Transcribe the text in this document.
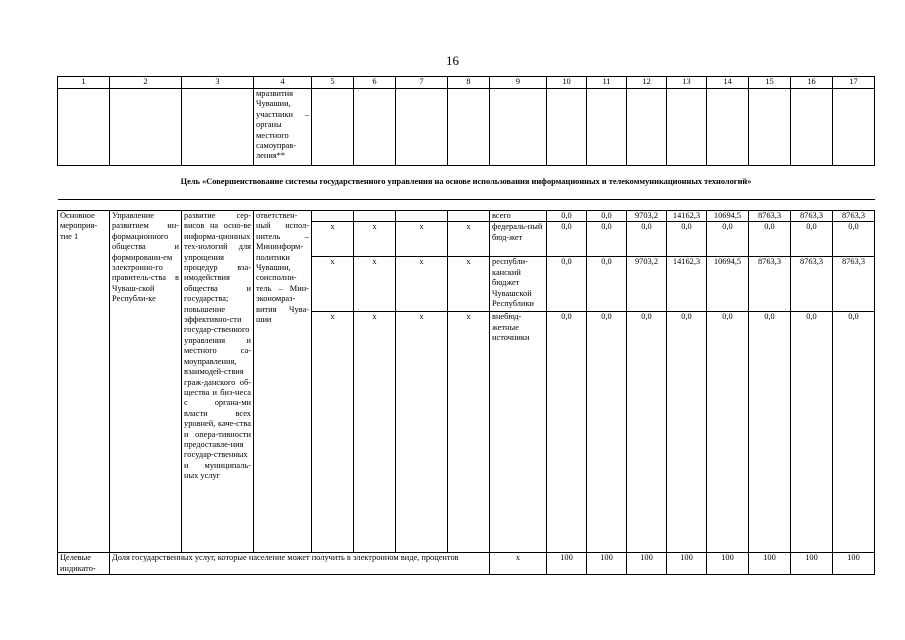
16
1	2	3	4	5	6	7	8	9	10	11	12	13	14	15	16	17
			мразвития Чувашии, участники – органы местного самоуправ-ления**													
Цель «Совершенствование системы государственного управления на основе использования информационных и телекоммуникационных технологий»																

Основное мероприя-тие 1	Управление развитием ин-формационного общества и формировани-ем электронно-го правитель-ства в Чуваш-ской Республи-ке	развитие сер-висов на осно-ве информа-ционных тех-нологий для упрощения процедур вза-имодействия общества и государства; повышение эффективно-сти государ-ственного управления и местного са-моуправления, взаимодей-ствия граж-данского об-щества и биз-неса с органа-ми власти всех уровней, каче-ства и опера-тивности предоставле-ния государ-ственных и муниципаль-ных услуг	ответствен-ный испол-нитель – Мининформ-политики Чувашии, соисполни-тель – Мин-экономраз-вития Чува-шии					всего	0,0	0,0	9703,2	14162,3	10694,5	8763,3	8763,3	8763,3
				x	x	x	x	федераль-ный бюд-жет	0,0	0,0	0,0	0,0	0,0	0,0	0,0	0,0
				x	x	x	x	республи-канский бюджет Чувашской Республики	0,0	0,0	9703,2	14162,3	10694,5	8763,3	8763,3	8763,3
				x	x	x	x	внебюд-жетные источники	0,0	0,0	0,0	0,0	0,0	0,0	0,0	0,0
Целевые индикато-	Доля государственных услуг, которые население может получить в электронном виде, процентов							x	100	100	100	100	100	100	100	100
